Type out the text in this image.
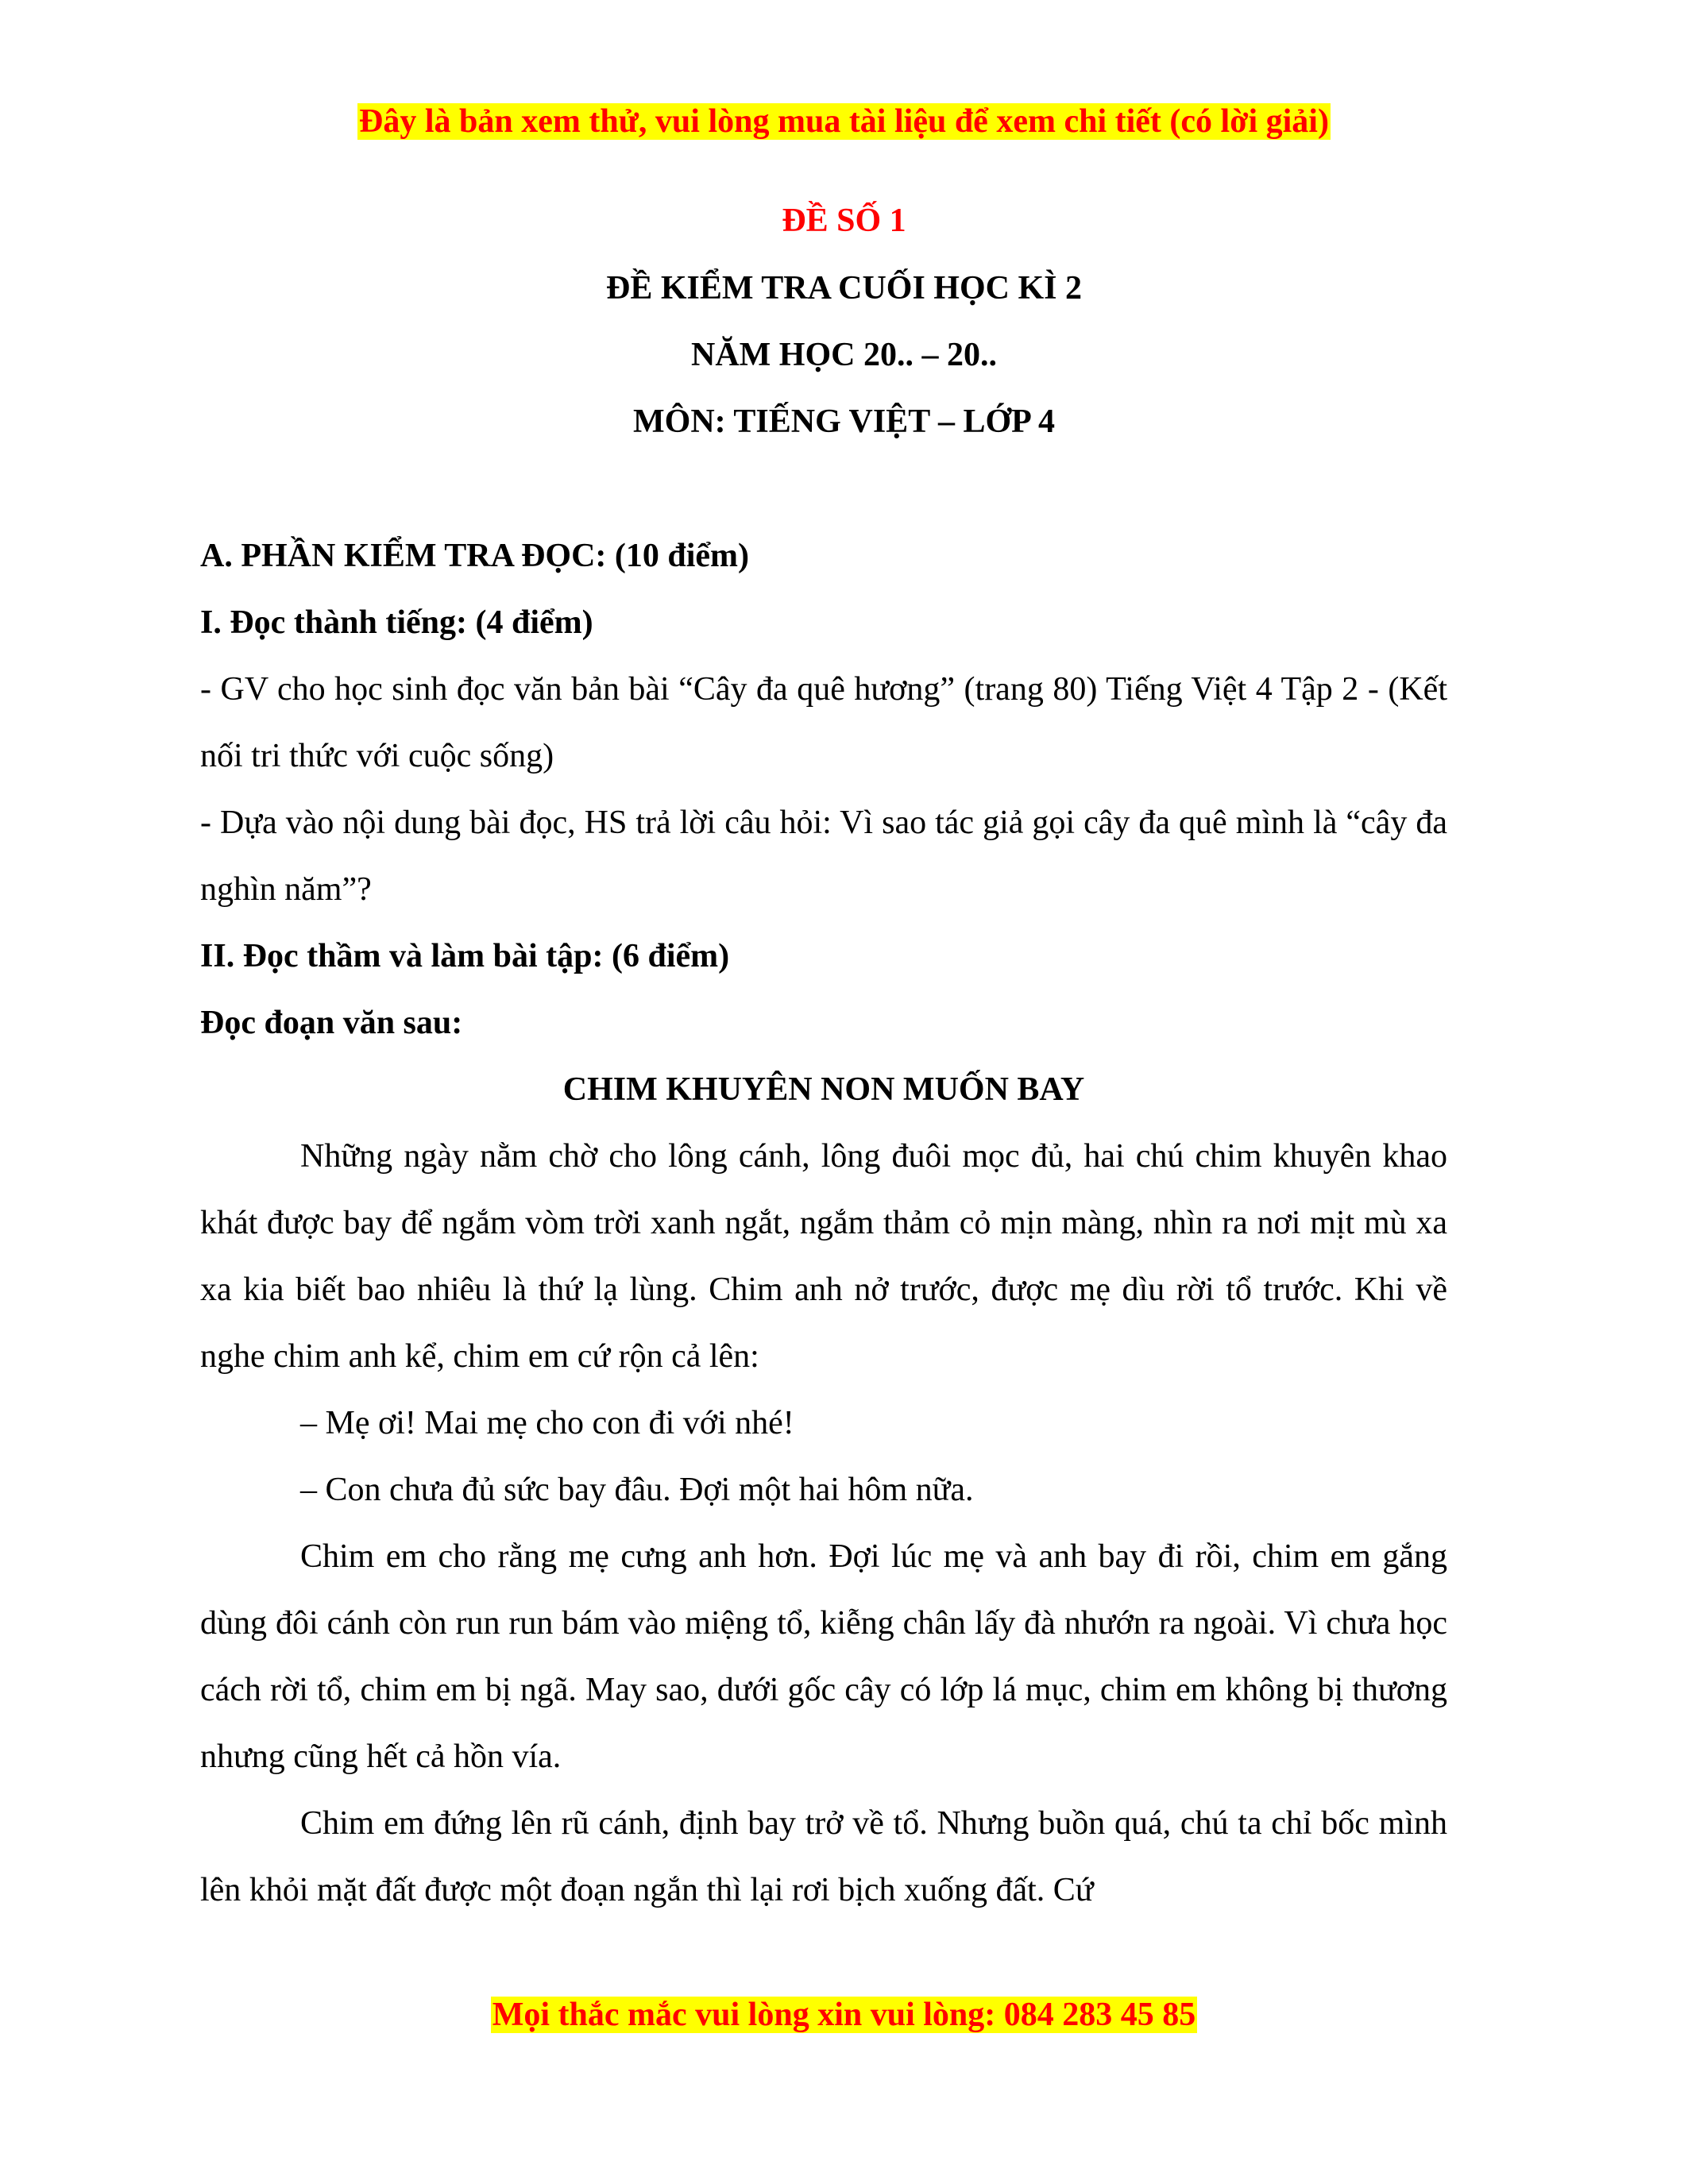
Đây là bản xem thử, vui lòng mua tài liệu để xem chi tiết (có lời giải)
ĐỀ SỐ 1
ĐỀ KIỂM TRA CUỐI HỌC KÌ 2
NĂM HỌC 20.. – 20..
MÔN: TIẾNG VIỆT – LỚP 4

A. PHẦN KIỂM TRA ĐỌC: (10 điểm)

I. Đọc thành tiếng: (4 điểm)

- GV cho học sinh đọc văn bản bài “Cây đa quê hương” (trang 80) Tiếng Việt 4 Tập 2 - (Kết nối tri thức với cuộc sống)

- Dựa vào nội dung bài đọc, HS trả lời câu hỏi: Vì sao tác giả gọi cây đa quê mình là “cây đa nghìn năm”?

II. Đọc thầm và làm bài tập: (6 điểm)

Đọc đoạn văn sau:

CHIM KHUYÊN NON MUỐN BAY

Những ngày nằm chờ cho lông cánh, lông đuôi mọc đủ, hai chú chim khuyên khao khát được bay để ngắm vòm trời xanh ngắt, ngắm thảm cỏ mịn màng, nhìn ra nơi mịt mù xa xa kia biết bao nhiêu là thứ lạ lùng. Chim anh nở trước, được mẹ dìu rời tổ trước. Khi về nghe chim anh kể, chim em cứ rộn cả lên:

– Mẹ ơi! Mai mẹ cho con đi với nhé!

– Con chưa đủ sức bay đâu. Đợi một hai hôm nữa.

Chim em cho rằng mẹ cưng anh hơn. Đợi lúc mẹ và anh bay đi rồi, chim em gắng dùng đôi cánh còn run run bám vào miệng tổ, kiễng chân lấy đà nhướn ra ngoài. Vì chưa học cách rời tổ, chim em bị ngã. May sao, dưới gốc cây có lớp lá mục, chim em không bị thương nhưng cũng hết cả hồn vía.

Chim em đứng lên rũ cánh, định bay trở về tổ. Nhưng buồn quá, chú ta chỉ bốc mình lên khỏi mặt đất được một đoạn ngắn thì lại rơi bịch xuống đất. Cứ

Mọi thắc mắc vui lòng xin vui lòng: 084 283 45 85
